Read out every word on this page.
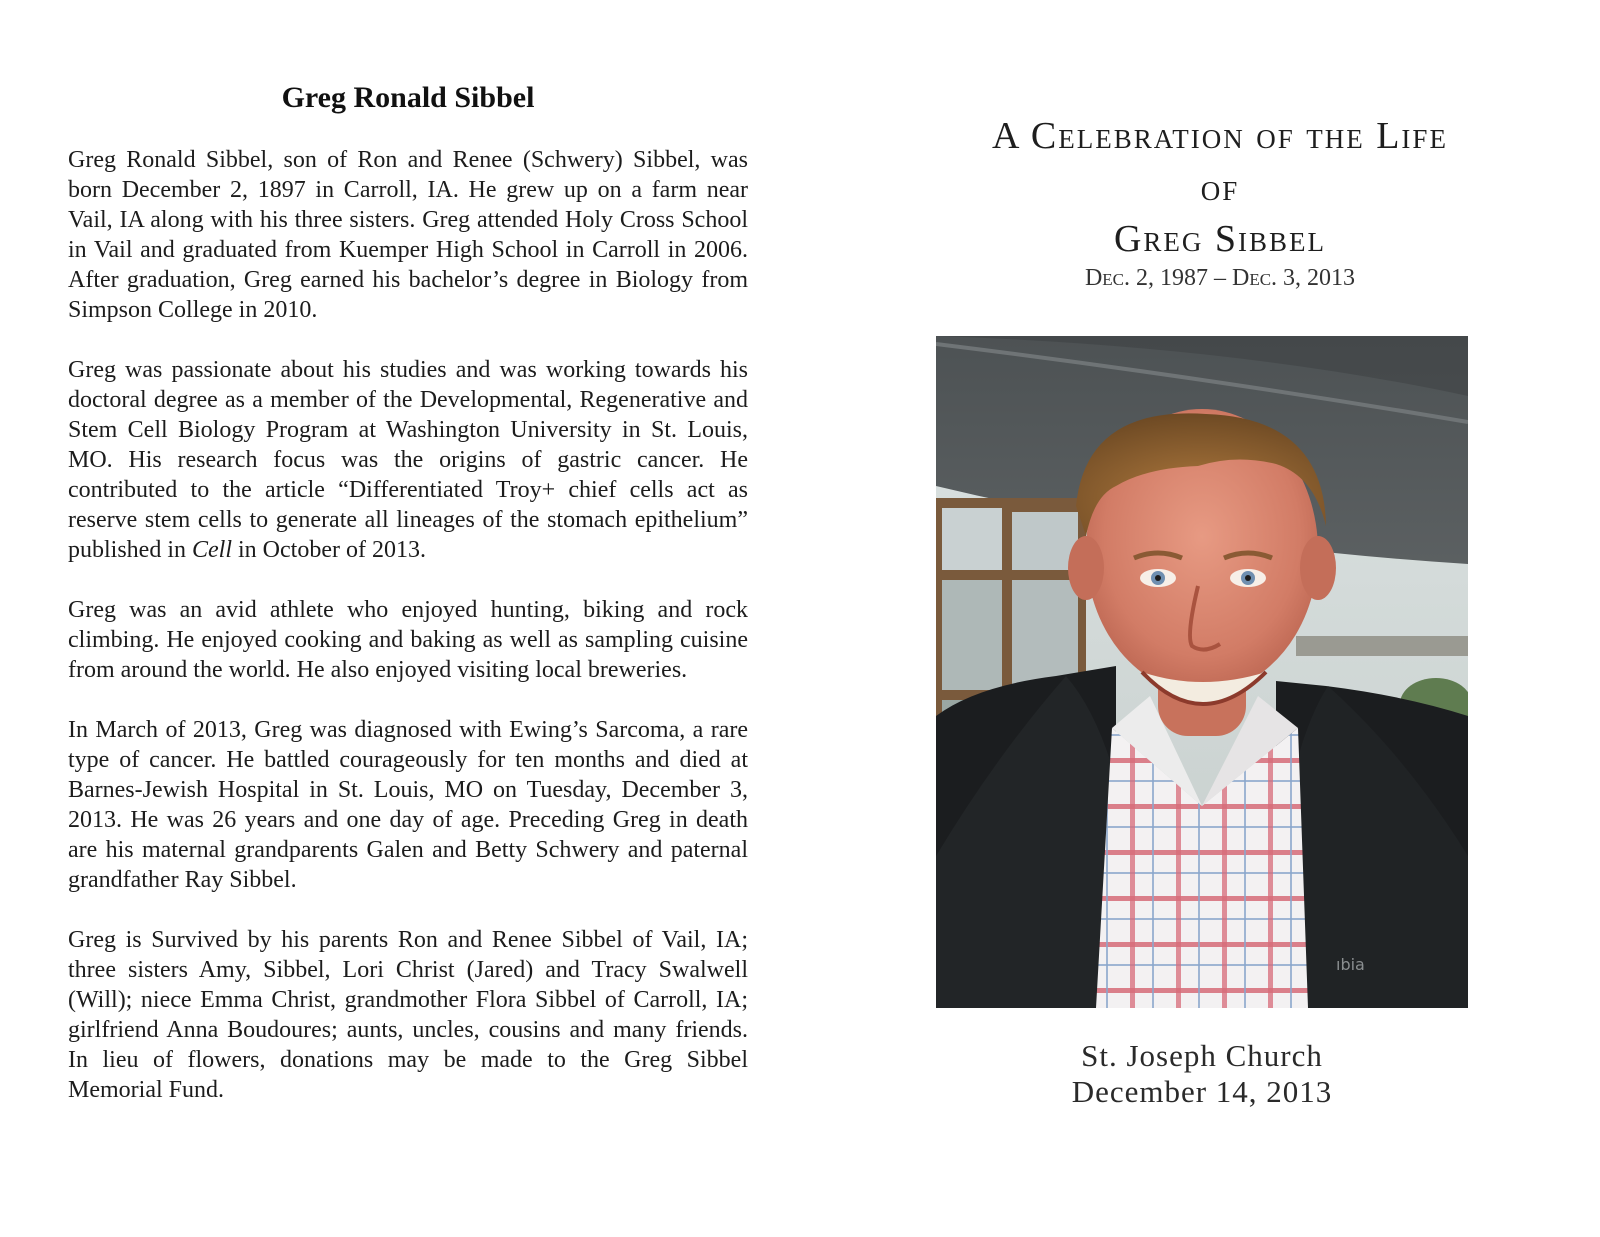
Greg Ronald Sibbel

Greg Ronald Sibbel, son of Ron and Renee (Schwery) Sibbel, was born December 2, 1897 in Carroll, IA. He grew up on a farm near Vail, IA along with his three sisters. Greg attended Holy Cross School in Vail and graduated from Kuemper High School in Carroll in 2006. After graduation, Greg earned his bachelor’s degree in Biology from Simpson College in 2010.

Greg was passionate about his studies and was working towards his doctoral degree as a member of the Developmental, Regenerative and Stem Cell Biology Program at Washington University in St. Louis, MO. His research focus was the origins of gastric cancer. He contributed to the article “Differentiated Troy+ chief cells act as reserve stem cells to generate all lineages of the stomach epithelium” published in Cell in October of 2013.

Greg was an avid athlete who enjoyed hunting, biking and rock climbing. He enjoyed cooking and baking as well as sampling cuisine from around the world. He also enjoyed visiting local breweries.

In March of 2013, Greg was diagnosed with Ewing’s Sarcoma, a rare type of cancer. He battled courageously for ten months and died at Barnes-Jewish Hospital in St. Louis, MO on Tuesday, December 3, 2013. He was 26 years and one day of age. Preceding Greg in death are his maternal grandparents Galen and Betty Schwery and paternal grandfather Ray Sibbel.

Greg is Survived by his parents Ron and Renee Sibbel of Vail, IA; three sisters Amy, Sibbel, Lori Christ (Jared) and Tracy Swalwell (Will); niece Emma Christ, grandmother Flora Sibbel of Carroll, IA; girlfriend Anna Boudoures; aunts, uncles, cousins and many friends. In lieu of flowers, donations may be made to the Greg Sibbel Memorial Fund.

A Celebration of the Life
of
Greg Sibbel

Dec. 2, 1987 – Dec. 3, 2013

ıbia

St. Joseph Church

December 14, 2013
